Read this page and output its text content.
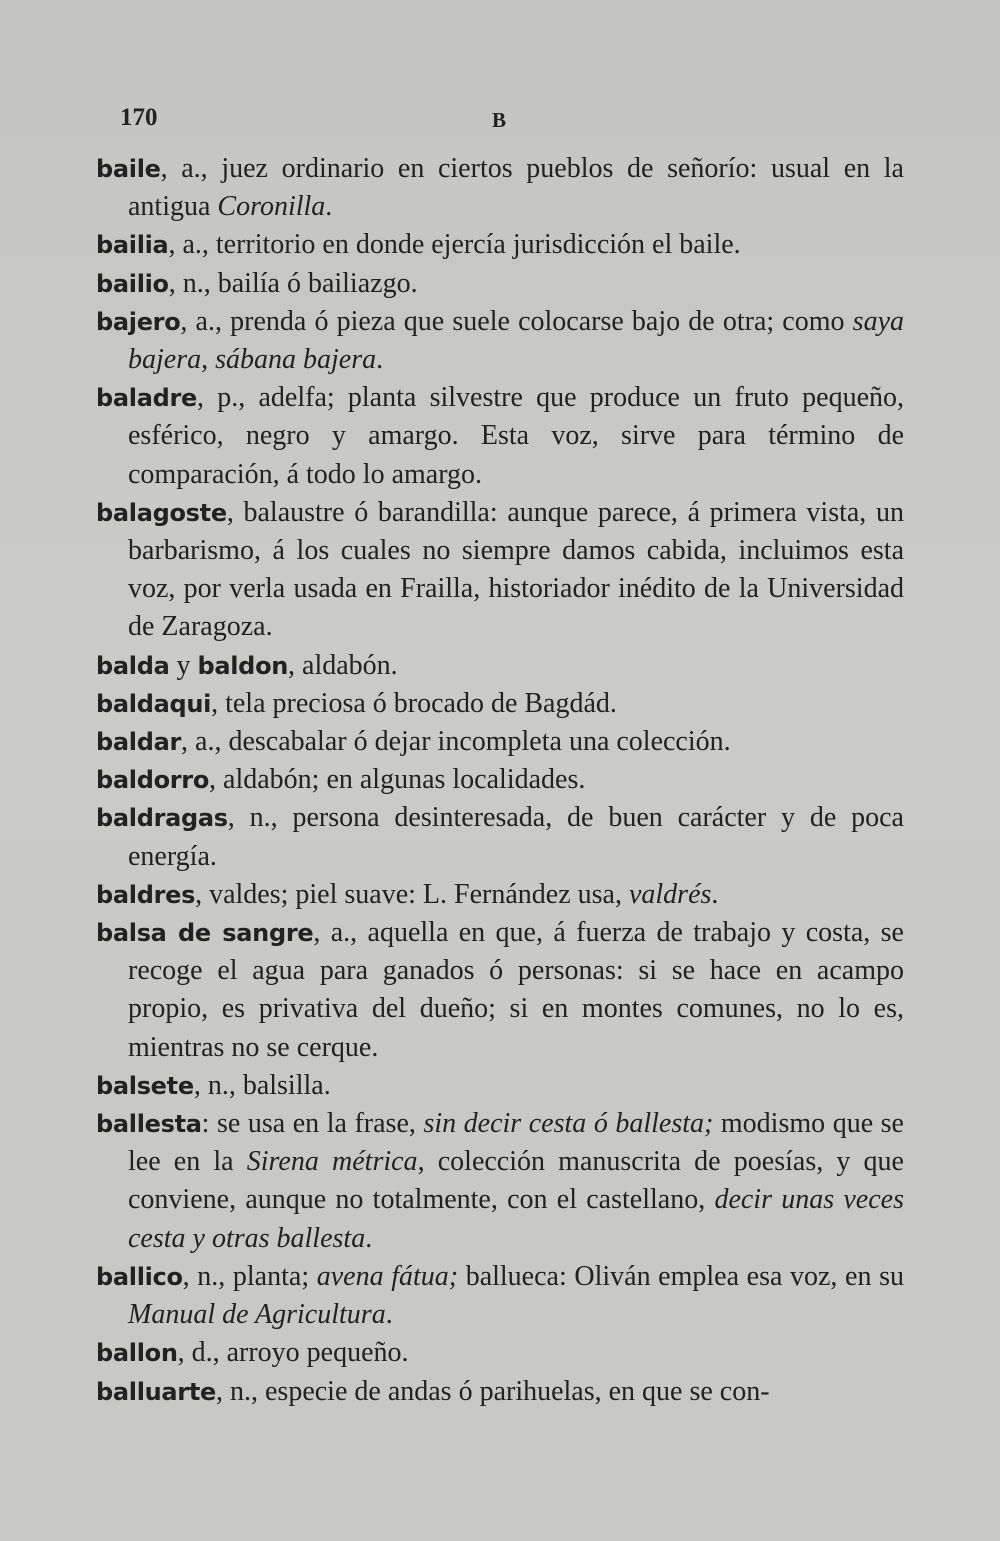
170	B

baile, a., juez ordinario en ciertos pueblos de señorío: usual en la antigua Coronilla.

bailia, a., territorio en donde ejercía jurisdicción el baile.

bailio, n., bailía ó bailiazgo.

bajero, a., prenda ó pieza que suele colocarse bajo de otra; como saya bajera, sábana bajera.

baladre, p., adelfa; planta silvestre que produce un fruto pequeño, esférico, negro y amargo. Esta voz, sirve para término de comparación, á todo lo amargo.

balagoste, balaustre ó barandilla: aunque parece, á primera vista, un barbarismo, á los cuales no siempre damos cabida, incluimos esta voz, por verla usada en Frailla, historiador inédito de la Universidad de Zaragoza.

balda y baldon, aldabón.

baldaqui, tela preciosa ó brocado de Bagdád.

baldar, a., descabalar ó dejar incompleta una colección.

baldorro, aldabón; en algunas localidades.

baldragas, n., persona desinteresada, de buen carácter y de poca energía.

baldres, valdes; piel suave: L. Fernández usa, valdrés.

balsa de sangre, a., aquella en que, á fuerza de trabajo y costa, se recoge el agua para ganados ó personas: si se hace en acampo propio, es privativa del dueño; si en montes comunes, no lo es, mientras no se cerque.

balsete, n., balsilla.

ballesta: se usa en la frase, sin decir cesta ó ballesta; modismo que se lee en la Sirena métrica, colección manuscrita de poesías, y que conviene, aunque no totalmente, con el castellano, decir unas veces cesta y otras ballesta.

ballico, n., planta; avena fátua; ballueca: Oliván emplea esa voz, en su Manual de Agricultura.

ballon, d., arroyo pequeño.

balluarte, n., especie de andas ó parihuelas, en que se con-
